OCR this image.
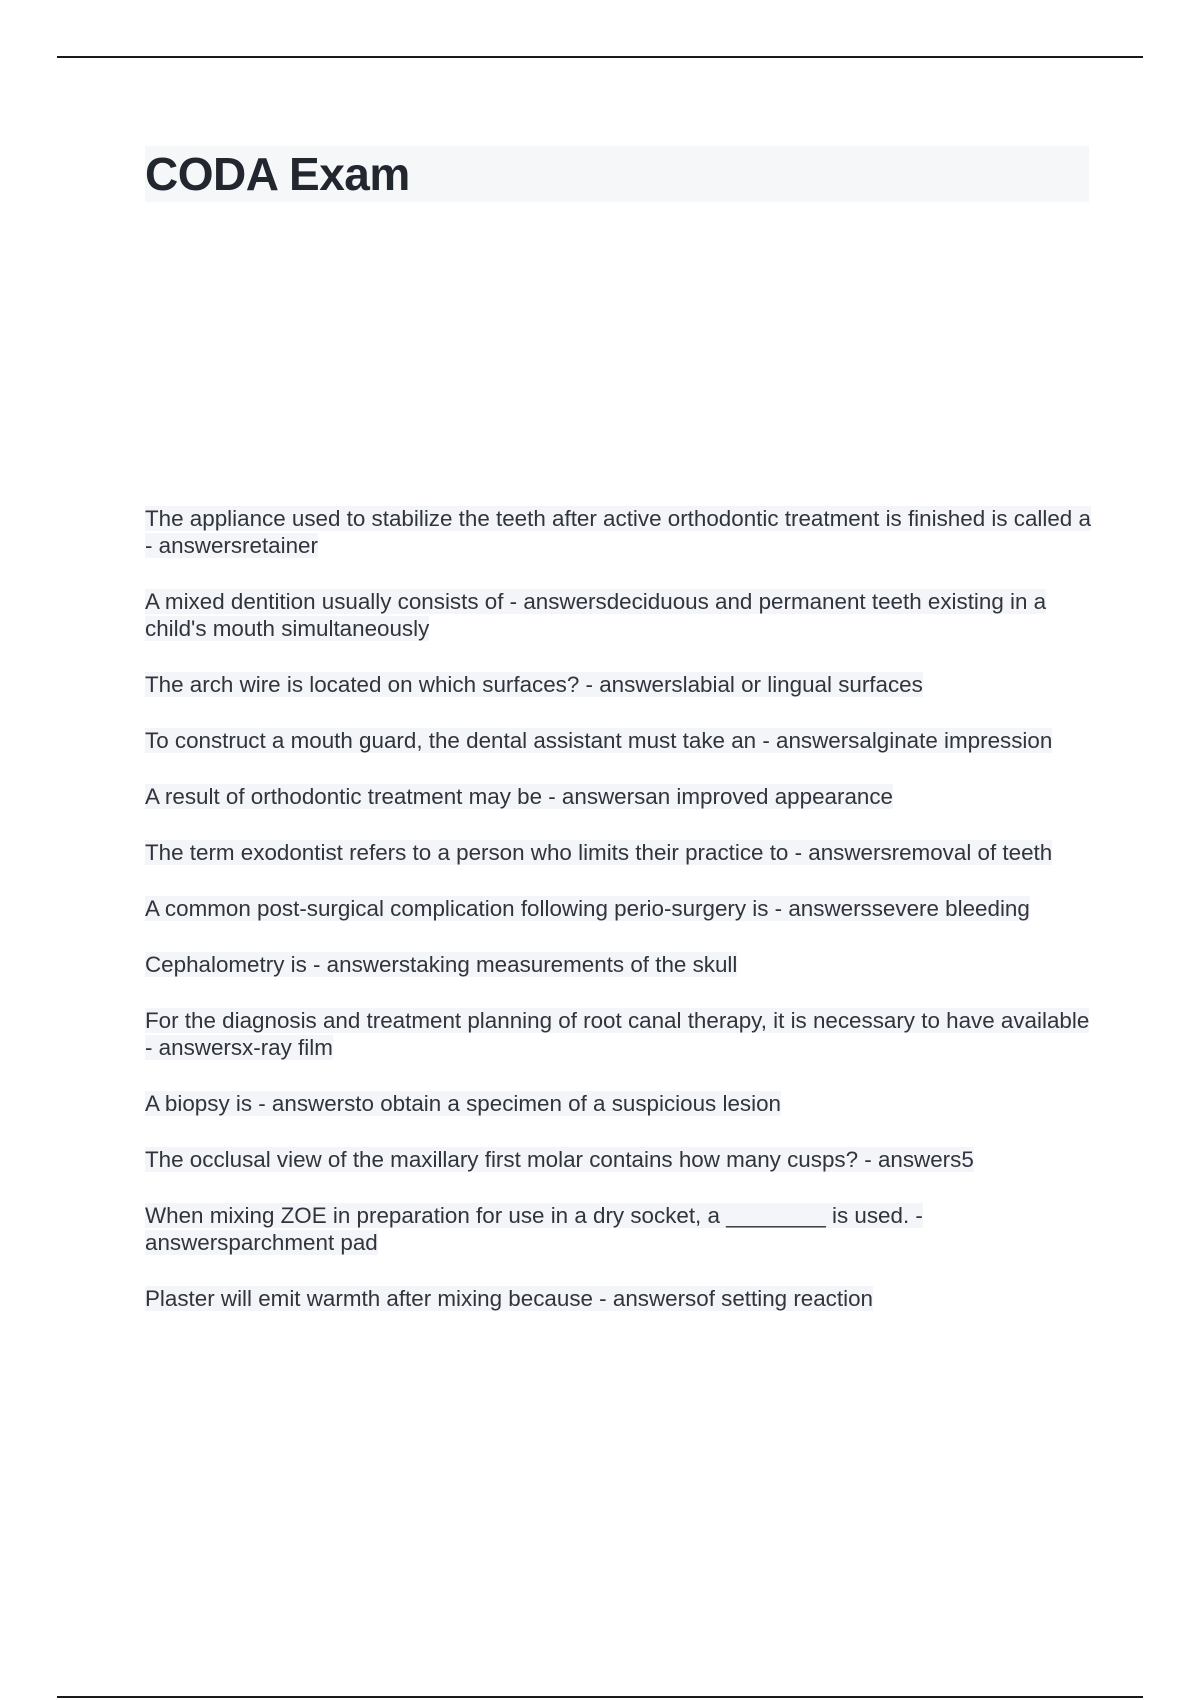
CODA Exam

The appliance used to stabilize the teeth after active orthodontic treatment is finished is called a - answersretainer

A mixed dentition usually consists of - answersdeciduous and permanent teeth existing in a child's mouth simultaneously

The arch wire is located on which surfaces? - answerslabial or lingual surfaces

To construct a mouth guard, the dental assistant must take an - answersalginate impression

A result of orthodontic treatment may be - answersan improved appearance

The term exodontist refers to a person who limits their practice to - answersremoval of teeth

A common post-surgical complication following perio-surgery is - answerssevere bleeding

Cephalometry is - answerstaking measurements of the skull

For the diagnosis and treatment planning of root canal therapy, it is necessary to have available - answersx-ray film

A biopsy is - answersto obtain a specimen of a suspicious lesion

The occlusal view of the maxillary first molar contains how many cusps? - answers5

When mixing ZOE in preparation for use in a dry socket, a ________ is used. - answersparchment pad

Plaster will emit warmth after mixing because - answersof setting reaction
